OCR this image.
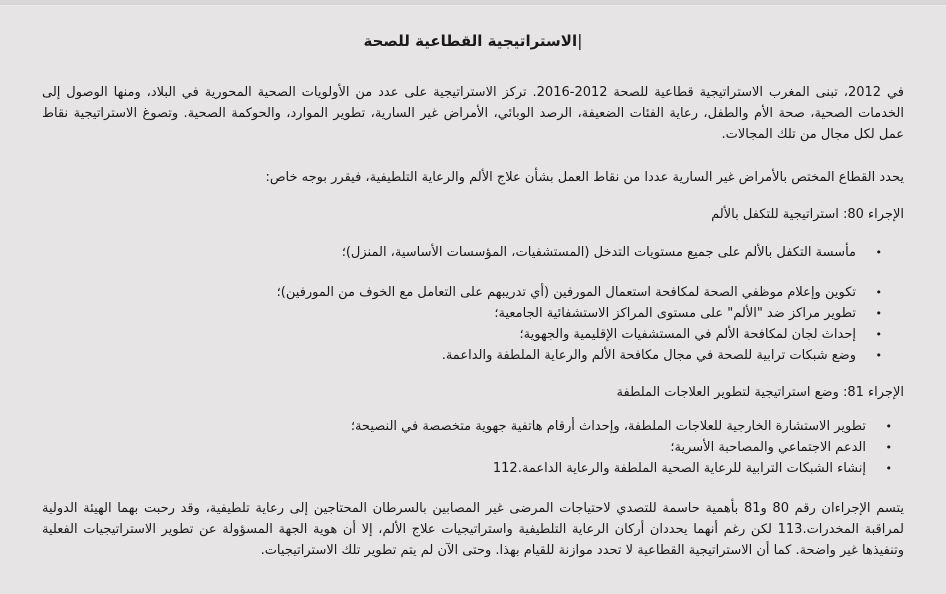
|الاستراتيجية القطاعية للصحة

في 2012، تبنى المغرب الاستراتيجية قطاعية للصحة 2012-2016. تركز الاستراتيجية على عدد من الأولويات الصحية المحورية في البلاد، ومنها الوصول إلى الخدمات الصحية، صحة الأم والطفل، رعاية الفئات الضعيفة، الرصد الوبائي، الأمراض غير السارية، تطوير الموارد، والحوكمة الصحية. وتصوغ الاستراتيجية نقاط عمل لكل مجال من تلك المجالات.

يحدد القطاع المختص بالأمراض غير السارية عددا من نقاط العمل بشأن علاج الألم والرعاية التلطيفية، فيقرر بوجه خاص:

الإجراء 80: استراتيجية للتكفل بالألم

•
مأسسة التكفل بالألم على جميع مستويات التدخل (المستشفيات، المؤسسات الأساسية، المنزل)؛
•
تكوين وإعلام موظفي الصحة لمكافحة استعمال المورفين (أي تدريبهم على التعامل مع الخوف من المورفين)؛
•
تطوير مراكز ضد "الألم" على مستوى المراكز الاستشفائية الجامعية؛
•
إحداث لجان لمكافحة الألم في المستشفيات الإقليمية والجهوية؛
•
وضع شبكات ترابية للصحة في مجال مكافحة الألم والرعاية الملطفة والداعمة.

الإجراء 81: وضع استراتيجية لتطوير العلاجات الملطفة

•
تطوير الاستشارة الخارجية للعلاجات الملطفة، وإحداث أرقام هاتفية جهوية متخصصة في النصيحة؛
•
الدعم الاجتماعي والمصاحبة الأسرية؛
•
إنشاء الشبكات الترابية للرعاية الصحية الملطفة والرعاية الداعمة.112

يتسم الإجراءان رقم 80 و81 بأهمية حاسمة للتصدي لاحتياجات المرضى غير المصابين بالسرطان المحتاجين إلى رعاية تلطيفية، وقد رحبت بهما الهيئة الدولية لمراقبة المخدرات.113 لكن رغم أنهما يحددان أركان الرعاية التلطيفية واستراتيجيات علاج الألم، إلا أن هوية الجهة المسؤولة عن تطوير الاستراتيجيات الفعلية وتنفيذها غير واضحة. كما أن الاستراتيجية القطاعية لا تحدد موازنة للقيام بهذا. وحتى الآن لم يتم تطوير تلك الاستراتيجيات.
